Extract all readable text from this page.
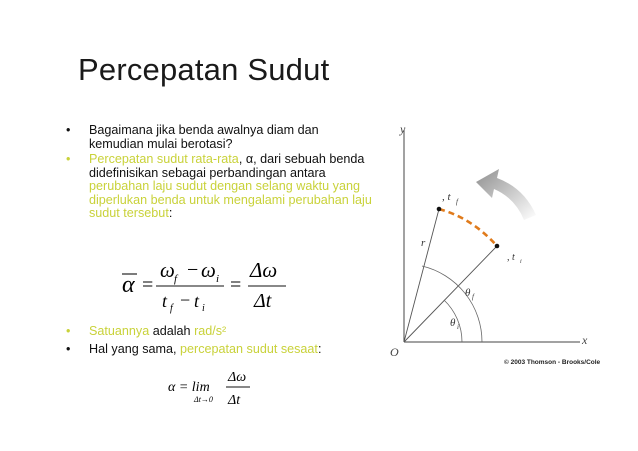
Percepatan Sudut
• Bagaimana jika benda awalnya diam dan kemudian mulai berotasi?
• Percepatan sudut rata-rata, α, dari sebuah benda didefinisikan sebagai perbandingan antara perubahan laju sudut dengan selang waktu yang diperlukan benda untuk mengalami perubahan laju sudut tersebut:
α =
ω f − ω i
t f − t i
=
Δω
Δt
• Satuannya adalah rad/s²
• Hal yang sama, percepatan sudut sesaat:
α = lim
Δt→0
Δω
Δt
y
x
O
, t f
, t i
r
θ f
θ i
© 2003 Thomson - Brooks/Cole
